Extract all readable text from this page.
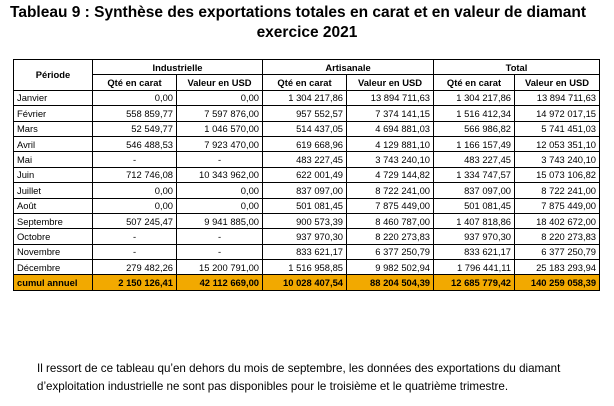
Tableau 9 : Synthèse des exportations totales en carat et en valeur de diamant
exercice 2021
Période	Industrielle		Artisanale		Total	
	Qté en carat	Valeur en USD	Qté en carat	Valeur en USD	Qté en carat	Valeur en USD
Janvier	0,00	0,00	1 304 217,86	13 894 711,63	1 304 217,86	13 894 711,63
Février	558 859,77	7 597 876,00	957 552,57	7 374 141,15	1 516 412,34	14 972 017,15
Mars	52 549,77	1 046 570,00	514 437,05	4 694 881,03	566 986,82	5 741 451,03
Avril	546 488,53	7 923 470,00	619 668,96	4 129 881,10	1 166 157,49	12 053 351,10
Mai	-	-	483 227,45	3 743 240,10	483 227,45	3 743 240,10
Juin	712 746,08	10 343 962,00	622 001,49	4 729 144,82	1 334 747,57	15 073 106,82
Juillet	0,00	0,00	837 097,00	8 722 241,00	837 097,00	8 722 241,00
Août	0,00	0,00	501 081,45	7 875 449,00	501 081,45	7 875 449,00
Septembre	507 245,47	9 941 885,00	900 573,39	8 460 787,00	1 407 818,86	18 402 672,00
Octobre	-	-	937 970,30	8 220 273,83	937 970,30	8 220 273,83
Novembre	-	-	833 621,17	6 377 250,79	833 621,17	6 377 250,79
Décembre	279 482,26	15 200 791,00	1 516 958,85	9 982 502,94	1 796 441,11	25 183 293,94
cumul annuel	2 150 126,41	42 112 669,00	10 028 407,54	88 204 504,39	12 685 779,42	140 259 058,39
Il ressort de ce tableau qu’en dehors du mois de septembre, les données des exportations du diamant
d’exploitation industrielle ne sont pas disponibles pour le troisième et le quatrième trimestre.
